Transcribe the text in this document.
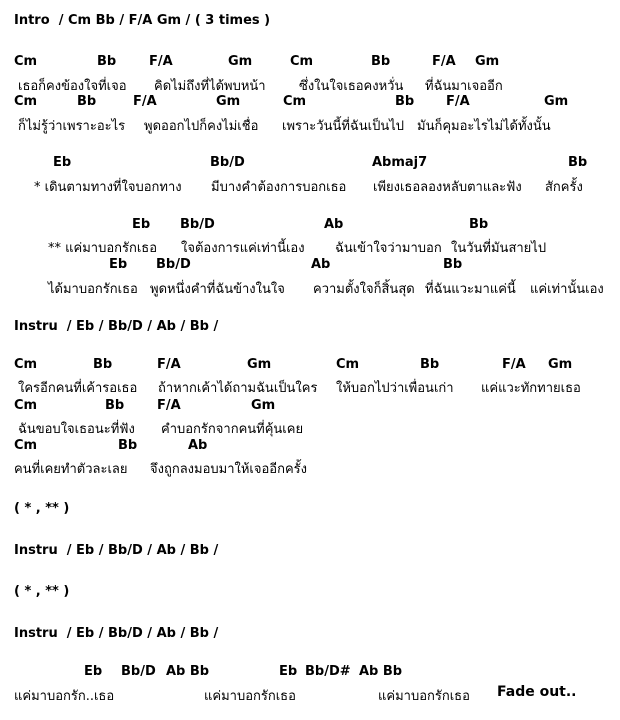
Intro  / Cm Bb / F/A Gm / ( 3 times )
Cm	Bb	F/A	Gm	Cm	Bb	F/A Gm
เธอก็คงข้องใจที่เจอ คิดไม่ถึงที่ได้พบหน้า	ซึ่งในใจเธอคงหวั่น ที่ฉันมาเจออีก
Cm	Bb	F/A	Gm	Cm	Bb F/A	Gm
ก็ไม่รู้ว่าเพราะอะไร พูดออกไปก็คงไม่เชื่อ เพราะวันนี้ที่ฉันเป็นไป มันก็คุมอะไรไม่ได้ทั้งนั้น
Eb	Bb/D	Abmaj7	Bb
* เดินตามทางที่ใจบอกทาง มีบางคำต้องการบอกเธอ เพียงเธอลองหลับตาและฟัง สักครั้ง
Eb Bb/D	Ab	Bb
** แค่มาบอกรักเธอ ใจต้องการแค่เท่านี้เอง ฉันเข้าใจว่ามาบอก ในวันที่มันสายไป
Eb Bb/D	Ab	Bb
ได้มาบอกรักเธอ พูดหนึ่งคำที่ฉันข้างในใจ ความตั้งใจก็สิ้นสุด ที่ฉันแวะมาแค่นี้ แค่เท่านั้นเอง
Instru  / Eb / Bb/D / Ab / Bb /
Cm	Bb	F/A	Gm	Cm	Bb	F/A Gm
ใครอีกคนที่เค้ารอเธอ ถ้าหากเค้าได้ถามฉันเป็นใคร ให้บอกไปว่าเพื่อนเก่า แค่แวะทักทายเธอ
Cm	Bb	F/A	Gm
ฉันขอบใจเธอนะที่ฟัง คำบอกรักจากคนที่คุ้นเคย
Cm	Bb	Ab
คนที่เคยทำตัวละเลย จึงถูกลงมอบมาให้เจออีกครั้ง
( * , ** )
Instru  / Eb / Bb/D / Ab / Bb /
( * , ** )
Instru  / Eb / Bb/D / Ab / Bb /
Eb Bb/D Ab Bb	Eb Bb/D# Ab Bb
แค่มาบอกรัก..เธอ	แค่มาบอกรักเธอ	แค่มาบอกรักเธอ Fade out..
